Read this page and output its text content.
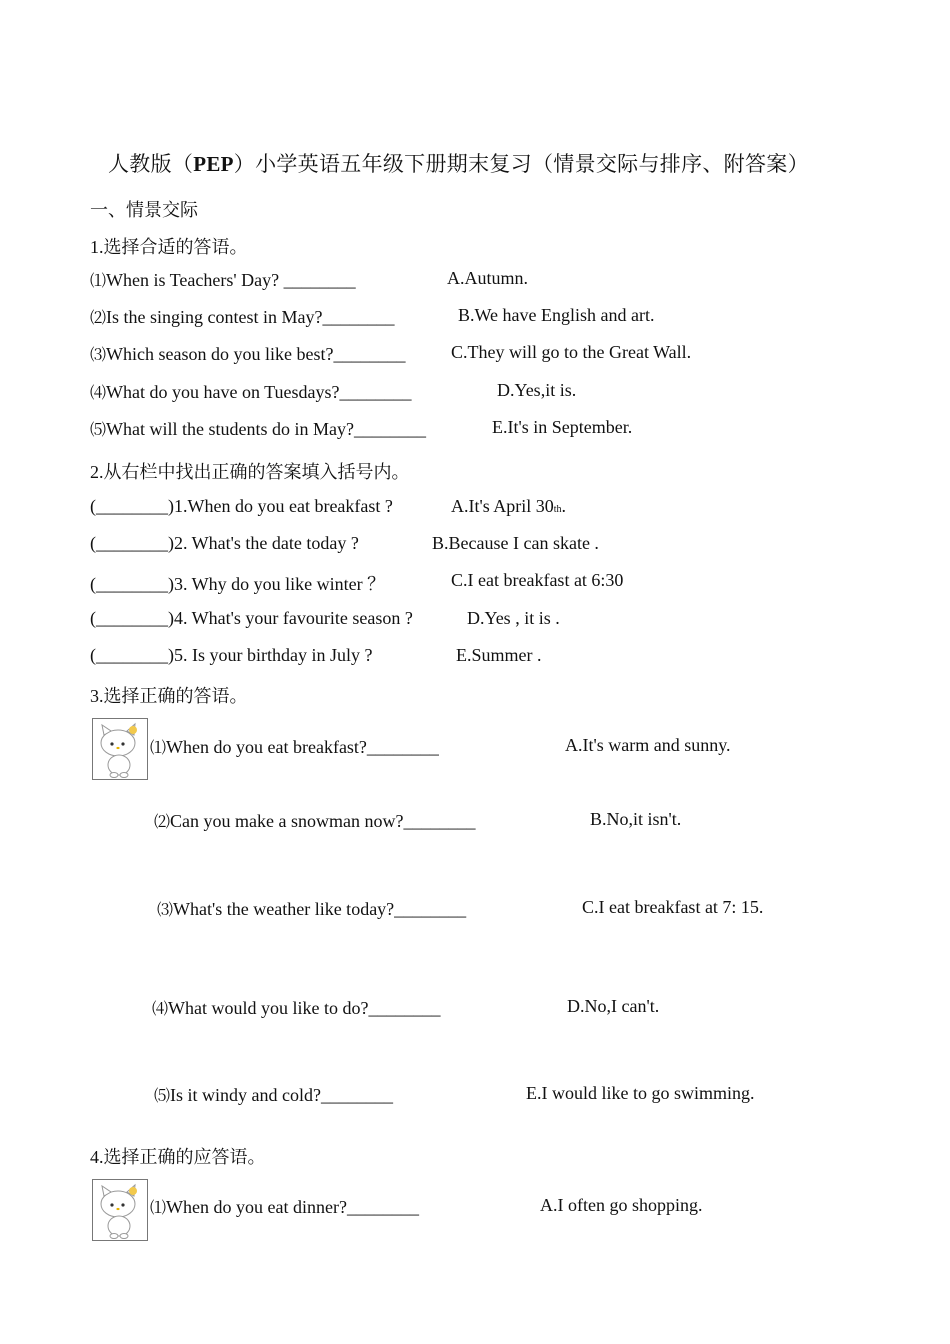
人教版（PEP）小学英语五年级下册期末复习（情景交际与排序、附答案）
一、情景交际
1.选择合适的答语。
⑴When is Teachers' Day? ________	A.Autumn.
⑵Is the singing contest in May?________	B.We have English and art.
⑶Which season do you like best?________	C.They will go to the Great Wall.
⑷What do you have on Tuesdays?________	D.Yes,it is.
⑸What will the students do in May?________	E.It's in September.
2.从右栏中找出正确的答案填入括号内。
(________)1.When do you eat breakfast ?	A.It's April 30th.
(________)2. What's the date today ?	B.Because I can skate .
(________)3. Why do you like winter ？	C.I eat breakfast at 6:30
(________)4. What's your favourite season ?	D.Yes , it is .
(________)5. Is your birthday in July ?	E.Summer .
3.选择正确的答语。
⑴When do you eat breakfast?________	A.It's warm and sunny.
⑵Can you make a snowman now?________	B.No,it isn't.
⑶What's the weather like today?________	C.I eat breakfast at 7: 15.
⑷What would you like to do?________	D.No,I can't.
⑸Is it windy and cold?________	E.I would like to go swimming.
4.选择正确的应答语。
⑴When do you eat dinner?________	A.I often go shopping.
